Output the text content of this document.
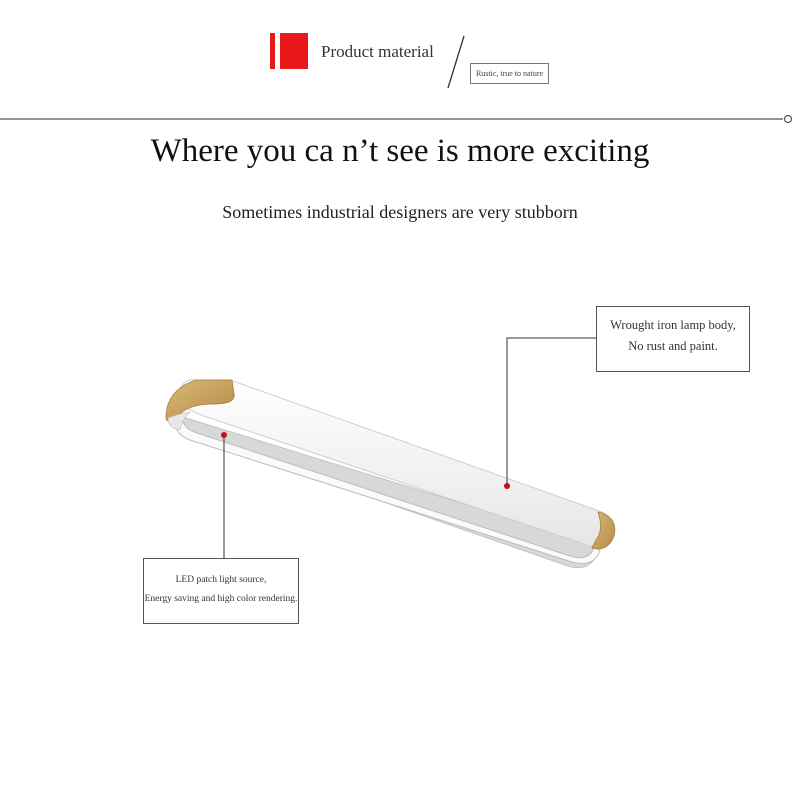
Product material
Rustic, true to nature
Where you ca n’t see is more exciting
Sometimes industrial designers are very stubborn
Wrought iron lamp body,
No rust and paint.
LED patch light source,
Energy saving and high color rendering.
